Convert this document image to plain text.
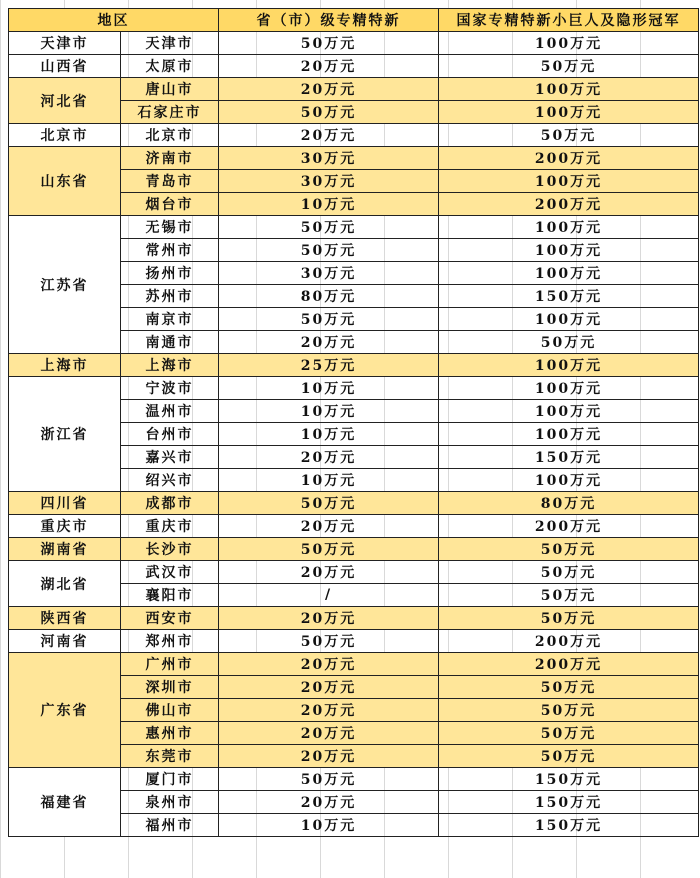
地区		省（市）级专精特新	国家专精特新小巨人及隐形冠军
天津市	天津市	50万元	100万元
山西省	太原市	20万元	50万元
河北省	唐山市	20万元	100万元
	石家庄市	50万元	100万元
北京市	北京市	20万元	50万元
山东省	济南市	30万元	200万元
	青岛市	30万元	100万元
	烟台市	10万元	200万元
江苏省	无锡市	50万元	100万元
	常州市	50万元	100万元
	扬州市	30万元	100万元
	苏州市	80万元	150万元
	南京市	50万元	100万元
	南通市	20万元	50万元
上海市	上海市	25万元	100万元
浙江省	宁波市	10万元	100万元
	温州市	10万元	100万元
	台州市	10万元	100万元
	嘉兴市	20万元	150万元
	绍兴市	10万元	100万元
四川省	成都市	50万元	80万元
重庆市	重庆市	20万元	200万元
湖南省	长沙市	50万元	50万元
湖北省	武汉市	20万元	50万元
	襄阳市	/	50万元
陕西省	西安市	20万元	50万元
河南省	郑州市	50万元	200万元
广东省	广州市	20万元	200万元
	深圳市	20万元	50万元
	佛山市	20万元	50万元
	惠州市	20万元	50万元
	东莞市	20万元	50万元
福建省	厦门市	50万元	150万元
	泉州市	20万元	150万元
	福州市	10万元	150万元
